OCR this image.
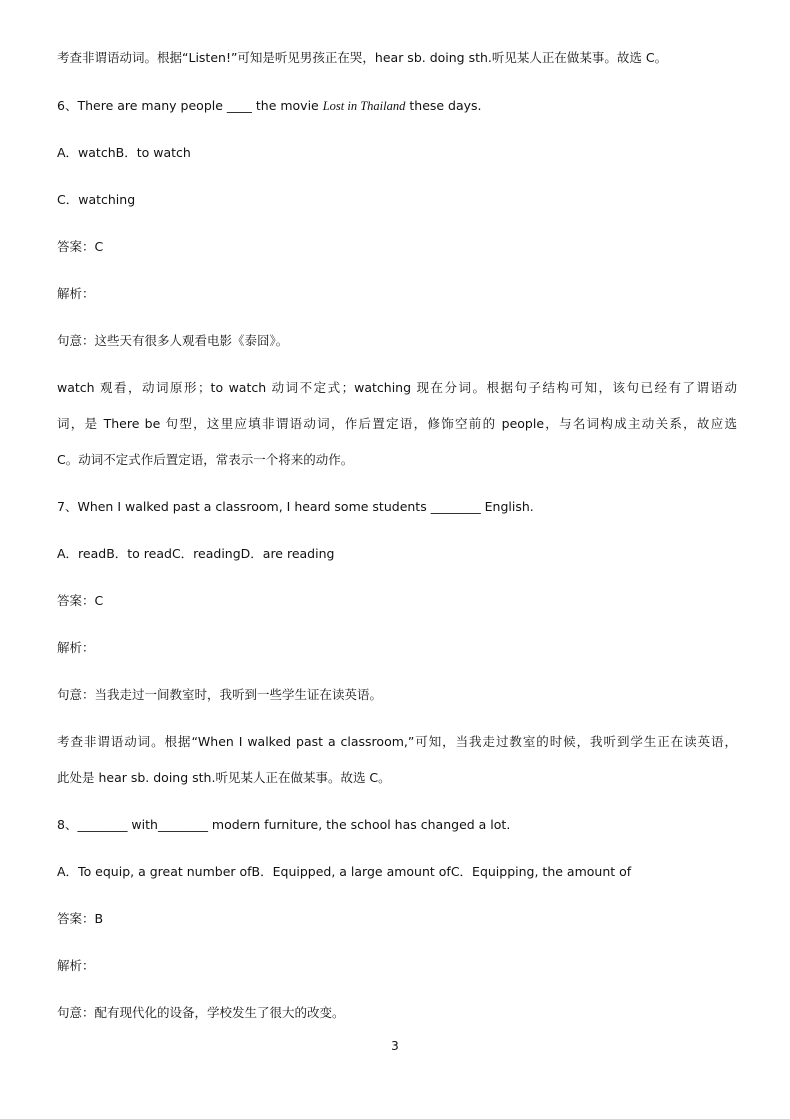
考查非谓语动词。根据“Listen!”可知是听见男孩正在哭，hear sb. doing sth.听见某人正在做某事。故选 C。
6、There are many people ____ the movie Lost in Thailand these days.
A．watchB．to watch
C．watching
答案：C
解析：
句意：这些天有很多人观看电影《泰囧》。
watch 观看，动词原形；to watch 动词不定式；watching 现在分词。根据句子结构可知，该句已经有了谓语动
词，是 There be 句型，这里应填非谓语动词，作后置定语，修饰空前的 people，与名词构成主动关系，故应选
C。动词不定式作后置定语，常表示一个将来的动作。
7、When I walked past a classroom, I heard some students ________ English.
A．readB．to readC．readingD．are reading
答案：C
解析：
句意：当我走过一间教室时，我听到一些学生证在读英语。
考查非谓语动词。根据“When I walked past a classroom,”可知，当我走过教室的时候，我听到学生正在读英语，
此处是 hear sb. doing sth.听见某人正在做某事。故选 C。
8、________ with________ modern furniture, the school has changed a lot.
A．To equip, a great number ofB．Equipped, a large amount ofC．Equipping, the amount of
答案：B
解析：
句意：配有现代化的设备，学校发生了很大的改变。
3
